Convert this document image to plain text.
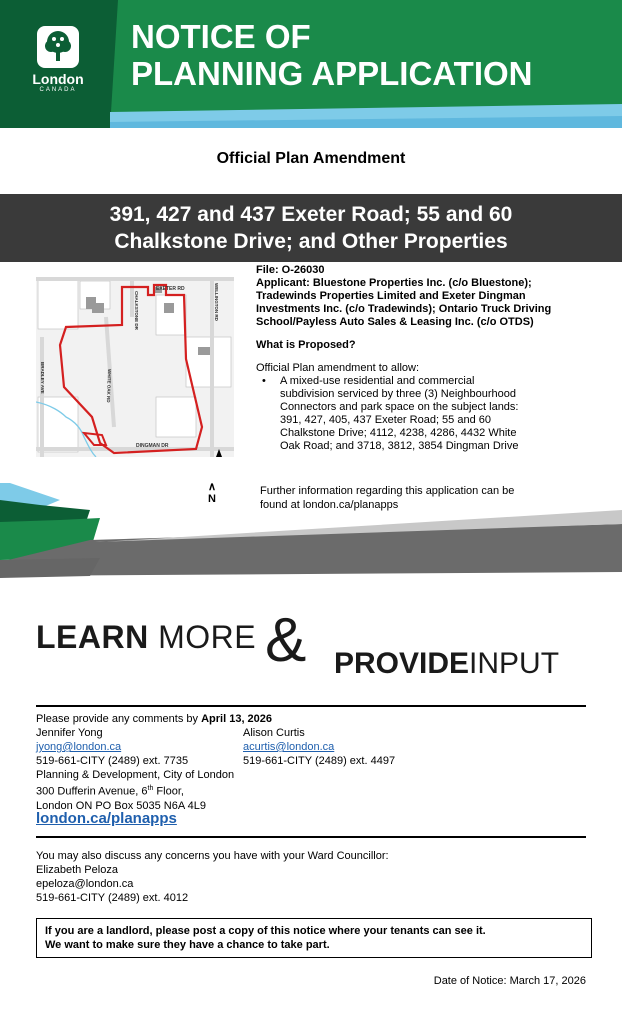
London
CANADA
NOTICE OF
PLANNING APPLICATION
Official Plan Amendment
391, 427 and 437 Exeter Road; 55 and 60
Chalkstone Drive; and Other Properties
EXETER RD
CHALKSTONE DR
DINGMAN DR
WHITE OAK RD
BRADLEY AVE
WELLINGTON RD
∧
N
File: O-26030
Applicant: Bluestone Properties Inc. (c/o Bluestone);
Tradewinds Properties Limited and Exeter Dingman
Investments Inc. (c/o Tradewinds); Ontario Truck Driving
School/Payless Auto Sales & Leasing Inc. (c/o OTDS)
What is Proposed?
Official Plan amendment to allow:
• A mixed-use residential and commercial
subdivision serviced by three (3) Neighbourhood
Connectors and park space on the subject lands:
391, 427, 405, 437 Exeter Road; 55 and 60
Chalkstone Drive; 4112, 4238, 4286, 4432 White
Oak Road; and 3718, 3812, 3854 Dingman Drive
Further information regarding this application can be
found at london.ca/planapps
LEARN MORE & PROVIDEINPUT
Please provide any comments by April 13, 2026
Jennifer Yong
jyong@london.ca
519-661-CITY (2489) ext. 7735
Alison Curtis
acurtis@london.ca
519-661-CITY (2489) ext. 4497
Planning & Development, City of London
300 Dufferin Avenue, 6th Floor,
London ON PO Box 5035 N6A 4L9
london.ca/planapps
You may also discuss any concerns you have with your Ward Councillor:
Elizabeth Peloza
epeloza@london.ca
519-661-CITY (2489) ext. 4012
If you are a landlord, please post a copy of this notice where your tenants can see it.
We want to make sure they have a chance to take part.
Date of Notice: March 17, 2026
